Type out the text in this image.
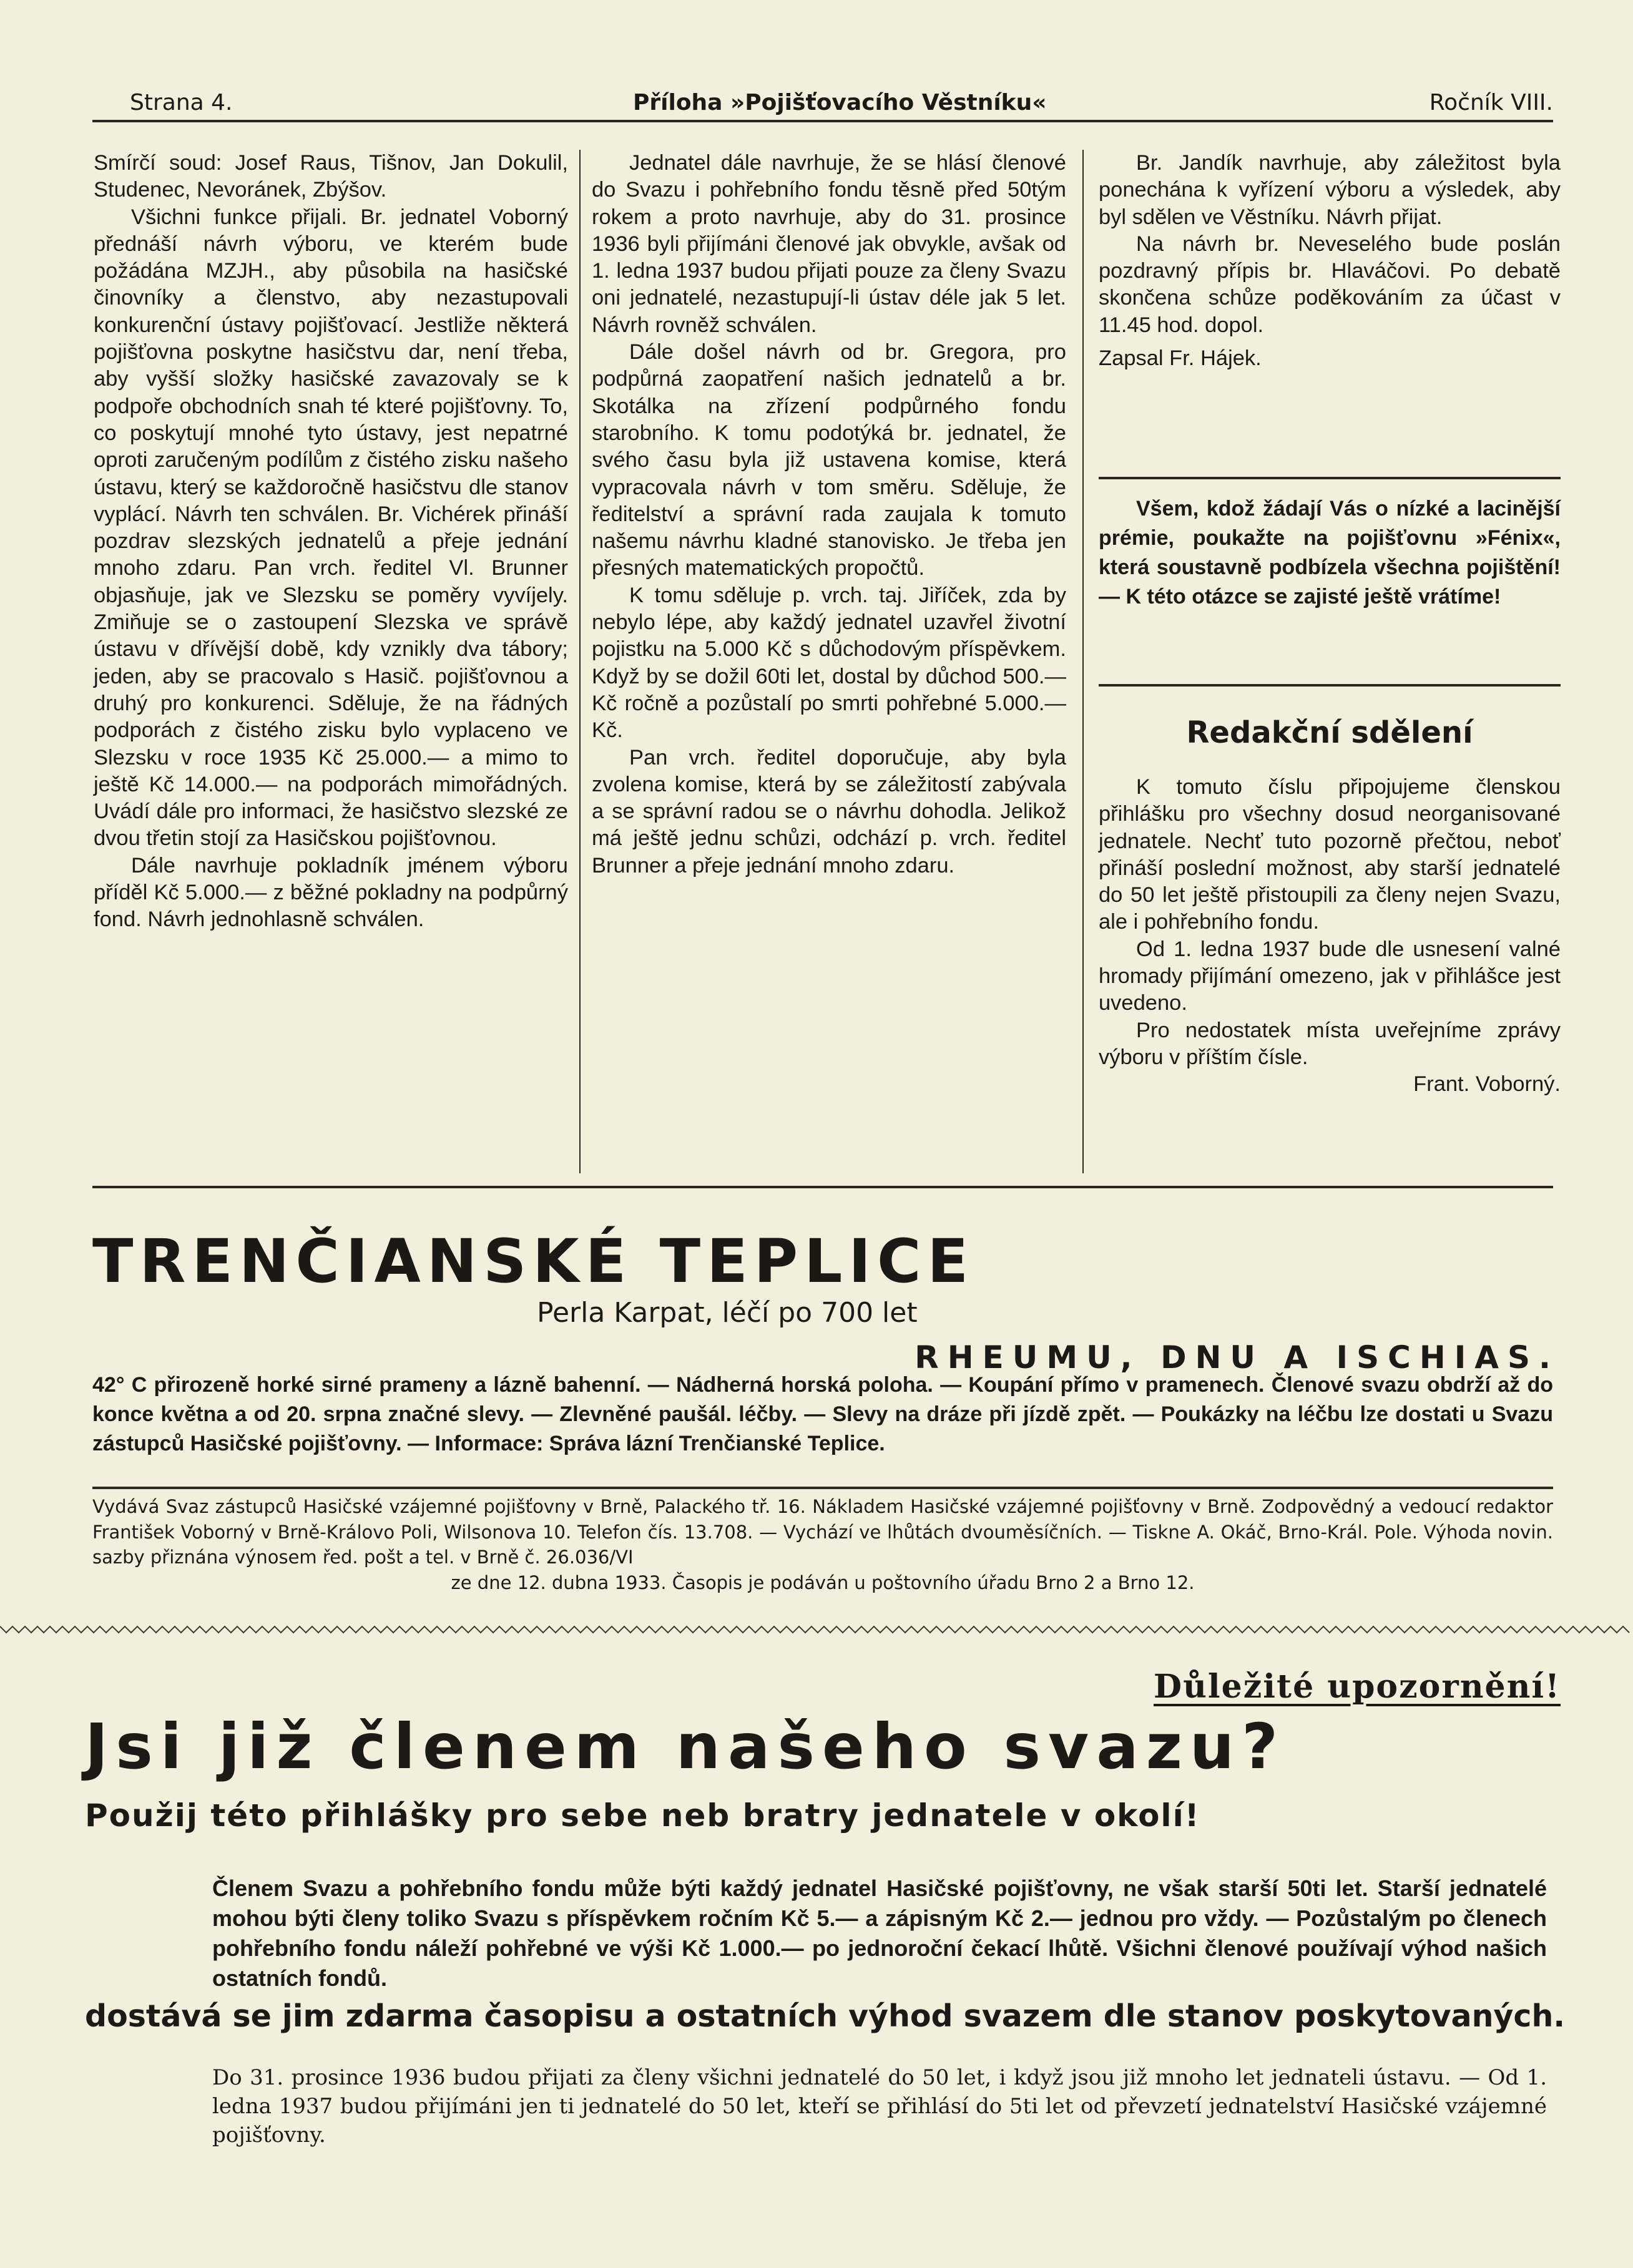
Strana 4.	Příloha »Pojišťovacího Věstníku«	Ročník VIII.

Smírčí soud: Josef Raus, Tišnov, Jan Dokulil, Studenec, Nevoránek, Zbýšov.

Všichni funkce přijali. Br. jednatel Voborný přednáší návrh výboru, ve kterém bude požádána MZJH., aby působila na hasičské činovníky a členstvo, aby nezastupovali konkurenční ústavy pojišťovací. Jestliže některá pojišťovna poskytne hasičstvu dar, není třeba, aby vyšší složky hasičské zavazovaly se k podpoře obchodních snah té které pojišťovny. To, co poskytují mnohé tyto ústavy, jest nepatrné oproti zaručeným podílům z čistého zisku našeho ústavu, který se každoročně hasičstvu dle stanov vyplácí. Návrh ten schválen. Br. Vichérek přináší pozdrav slezských jednatelů a přeje jednání mnoho zdaru. Pan vrch. ředitel Vl. Brunner objasňuje, jak ve Slezsku se poměry vyvíjely. Zmiňuje se o zastoupení Slezska ve správě ústavu v dřívější době, kdy vznikly dva tábory; jeden, aby se pracovalo s Hasič. pojišťovnou a druhý pro konkurenci. Sděluje, že na řádných podporách z čistého zisku bylo vyplaceno ve Slezsku v roce 1935 Kč 25.000.— a mimo to ještě Kč 14.000.— na podporách mimořádných. Uvádí dále pro informaci, že hasičstvo slezské ze dvou třetin stojí za Hasičskou pojišťovnou.

Dále navrhuje pokladník jménem výboru příděl Kč 5.000.— z běžné pokladny na podpůrný fond. Návrh jednohlasně schválen.

Jednatel dále navrhuje, že se hlásí členové do Svazu i pohřebního fondu těsně před 50tým rokem a proto navrhuje, aby do 31. prosince 1936 byli přijímáni členové jak obvykle, avšak od 1. ledna 1937 budou přijati pouze za členy Svazu oni jednatelé, nezastupují-li ústav déle jak 5 let. Návrh rovněž schválen.

Dále došel návrh od br. Gregora, pro podpůrná zaopatření našich jednatelů a br. Skotálka na zřízení podpůrného fondu starobního. K tomu podotýká br. jednatel, že svého času byla již ustavena komise, která vypracovala návrh v tom směru. Sděluje, že ředitelství a správní rada zaujala k tomuto našemu návrhu kladné stanovisko. Je třeba jen přesných matematických propočtů.

K tomu sděluje p. vrch. taj. Jiříček, zda by nebylo lépe, aby každý jednatel uzavřel životní pojistku na 5.000 Kč s důchodovým příspěvkem. Když by se dožil 60ti let, dostal by důchod 500.— Kč ročně a pozůstalí po smrti pohřebné 5.000.— Kč.

Pan vrch. ředitel doporučuje, aby byla zvolena komise, která by se záležitostí zabývala a se správní radou se o návrhu dohodla. Jelikož má ještě jednu schůzi, odchází p. vrch. ředitel Brunner a přeje jednání mnoho zdaru.

Br. Jandík navrhuje, aby záležitost byla ponechána k vyřízení výboru a výsledek, aby byl sdělen ve Věstníku. Návrh přijat.

Na návrh br. Neveselého bude poslán pozdravný přípis br. Hlaváčovi. Po debatě skončena schůze poděkováním za účast v 11.45 hod. dopol.

Zapsal Fr. Hájek.

Všem, kdož žádají Vás o nízké a lacinější prémie, poukažte na pojišťovnu »Fénix«, která soustavně podbízela všechna pojištění! — K této otázce se zajisté ještě vrátíme!
Redakční sdělení

K tomuto číslu připojujeme členskou přihlášku pro všechny dosud neorganisované jednatele. Nechť tuto pozorně přečtou, neboť přináší poslední možnost, aby starší jednatelé do 50 let ještě přistoupili za členy nejen Svazu, ale i pohřebního fondu.

Od 1. ledna 1937 bude dle usnesení valné hromady přijímání omezeno, jak v přihlášce jest uvedeno.

Pro nedostatek místa uveřejníme zprávy výboru v příštím čísle.

Frant. Voborný.

TRENČIANSKÉ TEPLICE
Perla Karpat, léčí po 700 let
RHEUMU, DNU A ISCHIAS.
42° C přirozeně horké sirné prameny a lázně bahenní. — Nádherná horská poloha. — Koupání přímo v pramenech. Členové svazu obdrží až do konce května a od 20. srpna značné slevy. — Zlevněné paušál. léčby. — Slevy na dráze při jízdě zpět. — Poukázky na léčbu lze dostati u Svazu zástupců Hasičské pojišťovny. — Informace: Správa lázní Trenčianské Teplice.
Vydává Svaz zástupců Hasičské vzájemné pojišťovny v Brně, Palackého tř. 16. Nákladem Hasičské vzájemné pojišťovny v Brně. Zodpovědný a vedoucí redaktor František Voborný v Brně-Královo Poli, Wilsonova 10. Telefon čís. 13.708. — Vychází ve lhůtách dvouměsíčních. — Tiskne A. Okáč, Brno-Král. Pole. Výhoda novin. sazby přiznána výnosem řed. pošt a tel. v Brně č. 26.036/VI
ze dne 12. dubna 1933. Časopis je podáván u poštovního úřadu Brno 2 a Brno 12.
Důležité upozornění!
Jsi již členem našeho svazu?
Použij této přihlášky pro sebe neb bratry jednatele v okolí!
Členem Svazu a pohřebního fondu může býti každý jednatel Hasičské pojišťovny, ne však starší 50ti let. Starší jednatelé mohou býti členy toliko Svazu s příspěvkem ročním Kč 5.— a zápisným Kč 2.— jednou pro vždy. — Pozůstalým po členech pohřebního fondu náleží pohřebné ve výši Kč 1.000.— po jednoroční čekací lhůtě. Všichni členové používají výhod našich ostatních fondů.
dostává se jim zdarma časopisu a ostatních výhod svazem dle stanov poskytovaných.
Do 31. prosince 1936 budou přijati za členy všichni jednatelé do 50 let, i když jsou již mnoho let jednateli ústavu. — Od 1. ledna 1937 budou přijímáni jen ti jednatelé do 50 let, kteří se přihlásí do 5ti let od převzetí jednatelství Hasičské vzájemné pojišťovny.
